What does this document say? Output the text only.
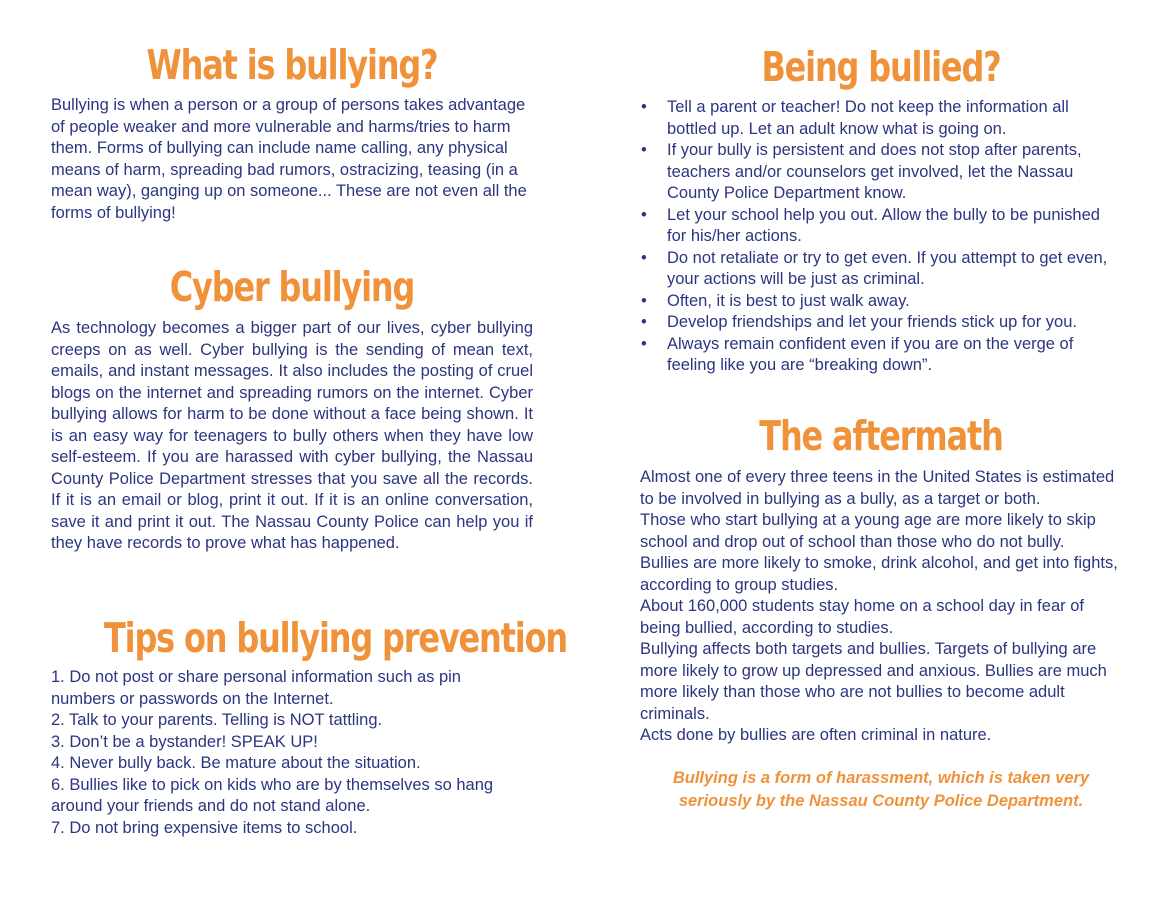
What is bullying?

Bullying is when a person or a group of persons takes advantage of people weaker and more vulnerable and harms/tries to harm them. Forms of bullying can include name calling, any physical means of harm, spreading bad rumors, ostracizing, teasing (in a mean way), ganging up on someone... These are not even all the forms of bullying!

Cyber bullying

As technology becomes a bigger part of our lives, cyber bullying creeps on as well. Cyber bullying is the sending of mean text, emails, and instant messages. It also includes the posting of cruel blogs on the internet and spreading rumors on the internet. Cyber bullying allows for harm to be done without a face being shown. It is an easy way for teenagers to bully others when they have low self-esteem. If you are harassed with cyber bullying, the Nassau County Police Department stresses that you save all the records. If it is an email or blog, print it out. If it is an online conversation, save it and print it out. The Nassau County Police can help you if they have records to prove what has happened.

Tips on bullying prevention
1. Do not post or share personal information such as pin numbers or passwords on the Internet.
2. Talk to your parents. Telling is NOT tattling.
3. Don’t be a bystander! SPEAK UP!
4. Never bully back. Be mature about the situation.
6. Bullies like to pick on kids who are by themselves so hang around your friends and do not stand alone.
7. Do not bring expensive items to school.
Being bullied?
• Tell a parent or teacher! Do not keep the information all bottled up. Let an adult know what is going on.
• If your bully is persistent and does not stop after parents, teachers and/or counselors get involved, let the Nassau County Police Department know.
• Let your school help you out. Allow the bully to be punished for his/her actions.
• Do not retaliate or try to get even. If you attempt to get even, your actions will be just as criminal.
• Often, it is best to just walk away.
• Develop friendships and let your friends stick up for you.
• Always remain confident even if you are on the verge of feeling like you are “breaking down”.
The aftermath

Almost one of every three teens in the United States is estimated to be involved in bullying as a bully, as a target or both.

Those who start bullying at a young age are more likely to skip school and drop out of school than those who do not bully.

Bullies are more likely to smoke, drink alcohol, and get into fights, according to group studies.

About 160,000 students stay home on a school day in fear of being bullied, according to studies.

Bullying affects both targets and bullies. Targets of bullying are more likely to grow up depressed and anxious. Bullies are much more likely than those who are not bullies to become adult criminals.

Acts done by bullies are often criminal in nature.

Bullying is a form of harassment, which is taken very seriously by the Nassau County Police Department.
